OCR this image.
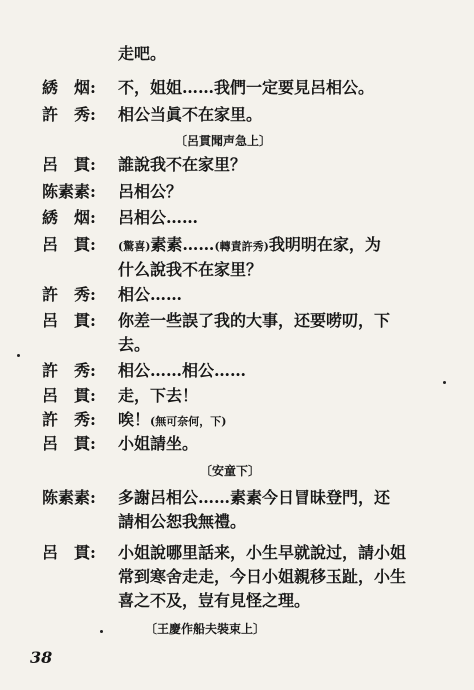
走吧。
綉　烟: 不，姐姐……我們一定要見呂相公。
許　秀: 相公当眞不在家里。
〔呂貫聞声急上〕
呂　貫: 誰說我不在家里？
陈素素: 呂相公？
綉　烟: 呂相公……
呂　貫: (驚喜)素素……(轉責許秀)我明明在家，为
什么說我不在家里？
許　秀: 相公……
呂　貫: 你差一些誤了我的大事，还要唠叨，下
去。
許　秀: 相公……相公……
呂　貫: 走，下去！
許　秀: 唉！(無可奈何，下)
呂　貫: 小姐請坐。
〔安童下〕
陈素素: 多謝呂相公……素素今日冒昧登門，还
請相公恕我無禮。
呂　貫: 小姐說哪里話来，小生早就說过，請小姐
常到寒舍走走，今日小姐親移玉趾，小生
喜之不及，豈有見怪之理。
〔王慶作船夫裝束上〕
38
